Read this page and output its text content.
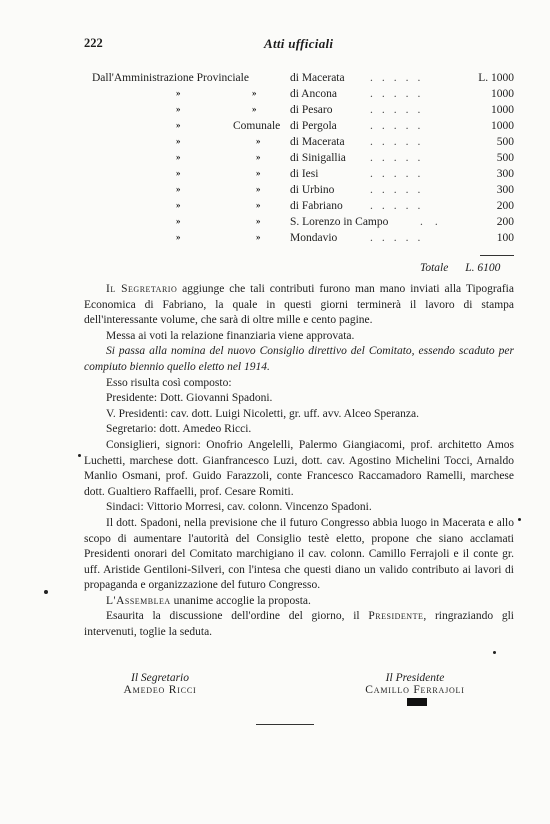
222	Atti ufficiali
Dall'Amministrazione Provinciale	di Macerata .....	L. 1000
»	»	di Ancona	.....	1000
»	»	di Pesaro	.....	1000
»	Comunale di Pergola	.....	1000
»	»	di Macerata .....	500
»	»	di Sinigallia .....	500
»	»	di Iesi	.....	300
»	»	di Urbino	.....	300
»	»	di Fabriano .....	200
»	»	S. Lorenzo in Campo	..	200
»	»	Mondavio	.....	100
Totale L. 6100

Il Segretario aggiunge che tali contributi furono man mano inviati alla Tipografia Economica di Fabriano, la quale in questi giorni terminerà il lavoro di stampa dell'interessante volume, che sarà di oltre mille e cento pagine.

Messa ai voti la relazione finanziaria viene approvata.

Si passa alla nomina del nuovo Consiglio direttivo del Comitato, essendo scaduto per compiuto biennio quello eletto nel 1914.

Esso risulta così composto:

Presidente: Dott. Giovanni Spadoni.

V. Presidenti: cav. dott. Luigi Nicoletti, gr. uff. avv. Alceo Speranza.

Segretario: dott. Amedeo Ricci.

Consiglieri, signori: Onofrio Angelelli, Palermo Giangiacomi, prof. architetto Amos Luchetti, marchese dott. Gianfrancesco Luzi, dott. cav. Agostino Michelini Tocci, Arnaldo Manlio Osmani, prof. Guido Farazzoli, conte Francesco Raccamadoro Ramelli, marchese dott. Gualtiero Raffaelli, prof. Cesare Romiti.

Sindaci: Vittorio Morresi, cav. colonn. Vincenzo Spadoni.

Il dott. Spadoni, nella previsione che il futuro Congresso abbia luogo in Macerata e allo scopo di aumentare l'autorità del Consiglio testè eletto, propone che siano acclamati Presidenti onorari del Comitato marchigiano il cav. colonn. Camillo Ferrajoli e il conte gr. uff. Aristide Gentiloni-Silveri, con l'intesa che questi diano un valido contributo ai lavori di propaganda e organizzazione del futuro Congresso.

L'Assemblea unanime accoglie la proposta.

Esaurita la discussione dell'ordine del giorno, il Presidente, ringraziando gli intervenuti, toglie la seduta.

Il Segretario
Amedeo Ricci
Il Presidente
Camillo Ferrajoli
